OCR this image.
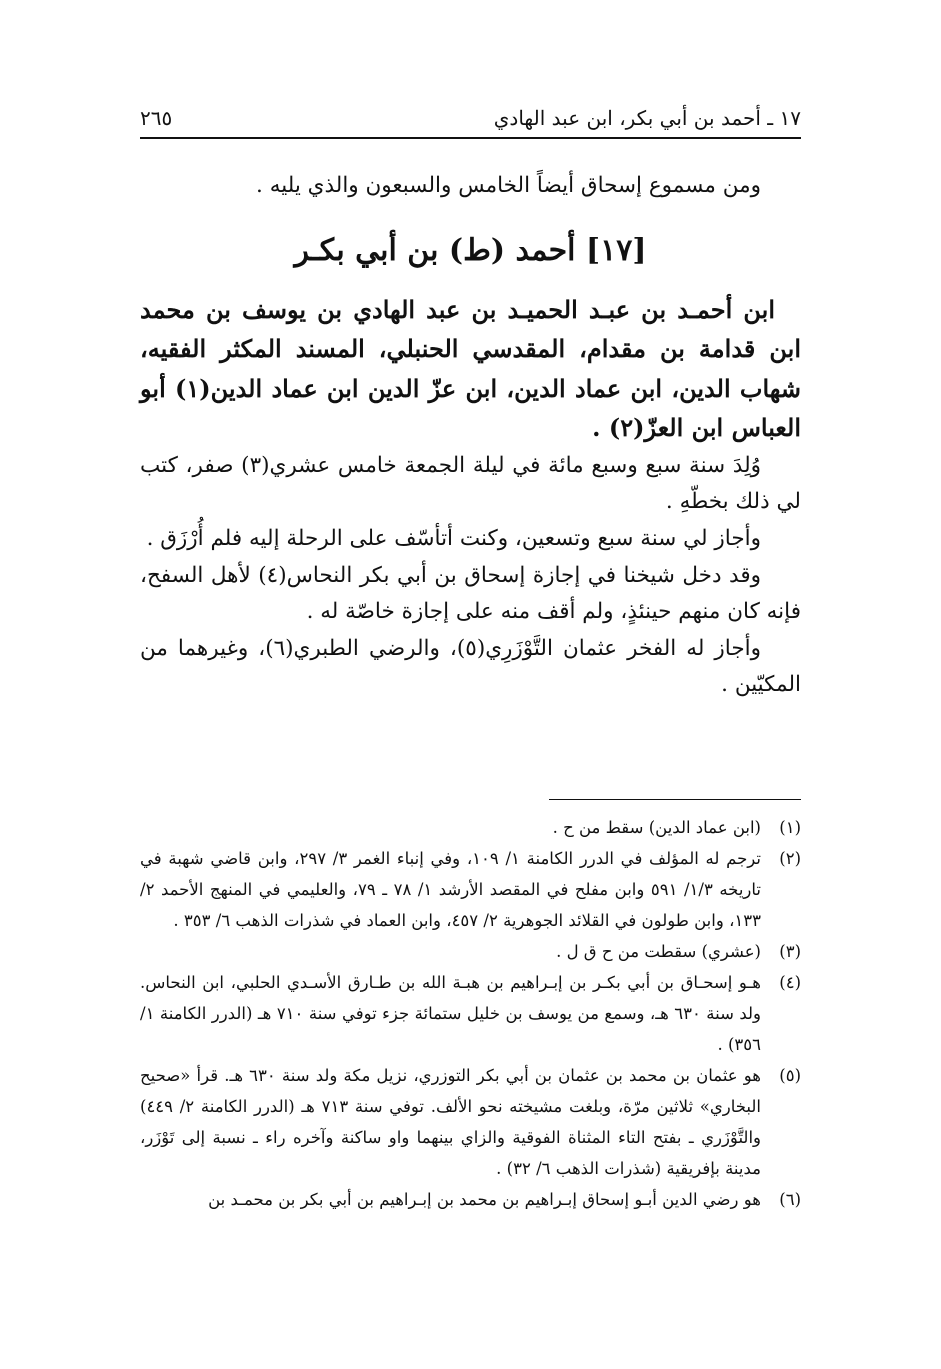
١٧ ـ أحمد بن أبي بكر، ابن عبد الهادي
٢٦٥

ومن مسموع إسحاق أيضاً الخامس والسبعون والذي يليه .

[١٧] أحمد (ط) بن أبي بكـر

ابن أحمـد بن عبـد الحميـد بن عبد الهادي بن يوسف بن محمد ابن قدامة بن مقدام، المقدسي الحنبلي، المسند المكثر الفقيه، شهاب الدين، ابن عماد الدين، ابن عزّ الدين ابن عماد الدين(١) أبو العباس ابن العزّ(٢) .

وُلِدَ سنة سبع وسبع مائة في ليلة الجمعة خامس عشري(٣) صفر، كتب لي ذلك بخطّهِ .

وأجاز لي سنة سبع وتسعين، وكنت أتأسّف على الرحلة إليه فلم أُرْزَق .

وقد دخل شيخنا في إجازة إسحاق بن أبي بكر النحاس(٤) لأهل السفح، فإنه كان منهم حينئذٍ، ولم أقف منه على إجازة خاصّة له .

وأجاز له الفخر عثمان التَّوْزَرِي(٥)، والرضي الطبري(٦)، وغيرهما من المكيّين .

(١)
(ابن عماد الدين) سقط من ح .
(٢)
ترجم له المؤلف في الدرر الكامنة ١/ ١٠٩، وفي إنباء الغمر ٣/ ٢٩٧، وابن قاضي شهبة في تاريخه ١/٣/ ٥٩١ وابن مفلح في المقصد الأرشد ١/ ٧٨ ـ ٧٩، والعليمي في المنهج الأحمد ٢/ ١٣٣، وابن طولون في القلائد الجوهرية ٢/ ٤٥٧، وابن العماد في شذرات الذهب ٦/ ٣٥٣ .
(٣)
(عشري) سقطت من ح ق ل .
(٤)
هـو إسحـاق بن أبي بكـر بن إبـراهيم بن هبـة الله بن طـارق الأسـدي الحلبي، ابن النحاس. ولد سنة ٦٣٠ هـ، وسمع من يوسف بن خليل ستمائة جزء توفي سنة ٧١٠ هـ (الدرر الكامنة ١/ ٣٥٦) .
(٥)
هو عثمان بن محمد بن عثمان بن أبي بكر التوزري، نزيل مكة ولد سنة ٦٣٠ هـ. قرأ «صحيح البخاري» ثلاثين مرّة، وبلغت مشيخته نحو الألف. توفي سنة ٧١٣ هـ (الدرر الكامنة ٢/ ٤٤٩) والتَّوْزَري ـ بفتح التاء المثناة الفوقية والزاي بينهما واو ساكنة وآخره راء ـ نسبة إلى تَوْزَر، مدينة بإفريقية (شذرات الذهب ٦/ ٣٢) .
(٦)
هو رضي الدين أبـو إسحاق إبـراهيم بن محمد بن إبـراهيم بن أبي بكر بن محمـد بن
